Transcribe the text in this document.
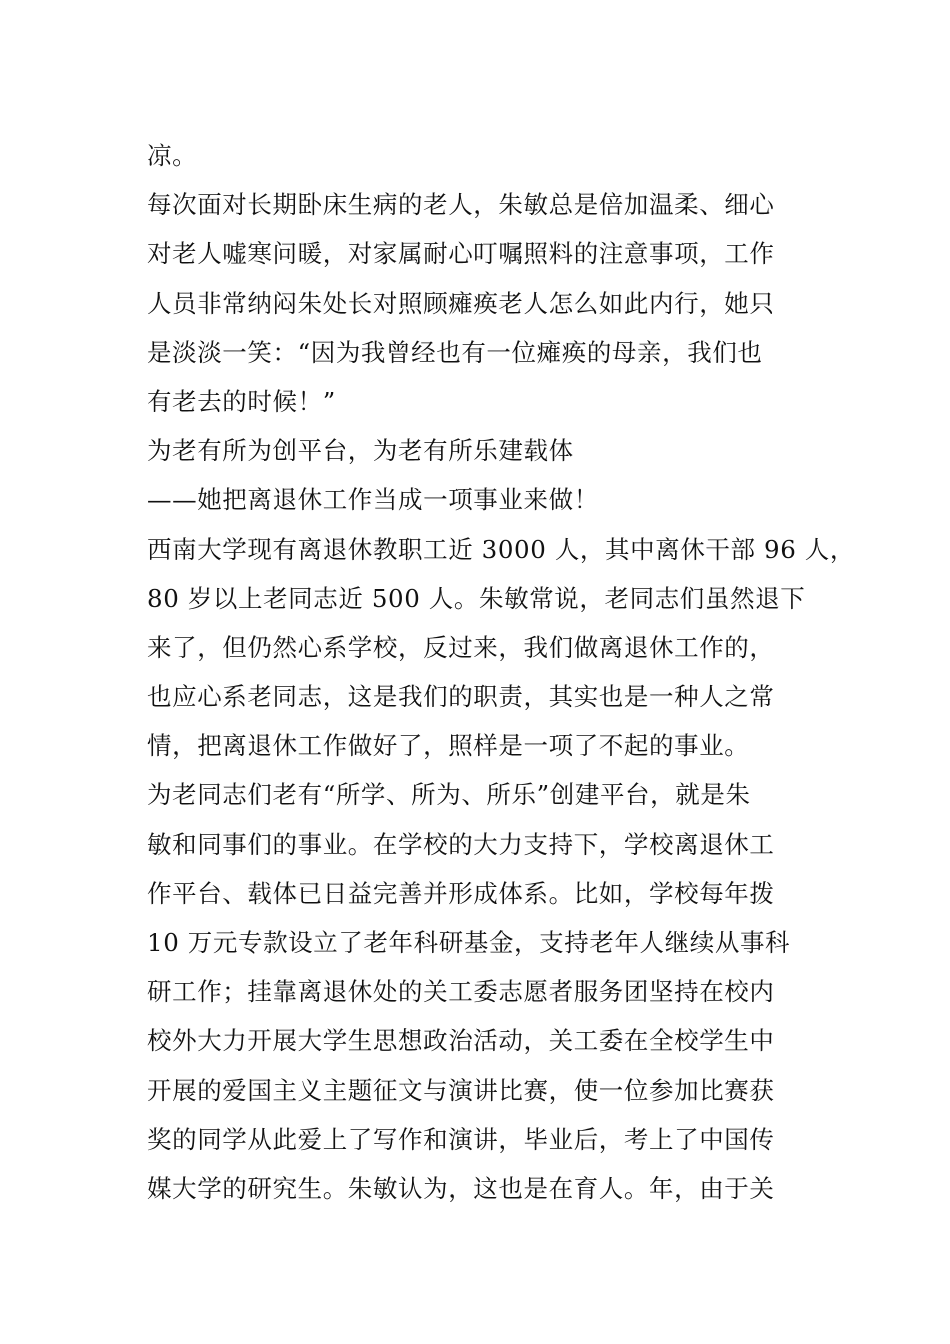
凉。
每次面对长期卧床生病的老人，朱敏总是倍加温柔、细心
对老人嘘寒问暖，对家属耐心叮嘱照料的注意事项，工作
人员非常纳闷朱处长对照顾瘫痪老人怎么如此内行，她只
是淡淡一笑：“因为我曾经也有一位瘫痪的母亲，我们也
有老去的时候！”
为老有所为创平台，为老有所乐建载体
——她把离退休工作当成一项事业来做！
西南大学现有离退休教职工近 3000 人，其中离休干部 96 人，
80 岁以上老同志近 500 人。朱敏常说，老同志们虽然退下
来了，但仍然心系学校，反过来，我们做离退休工作的，
也应心系老同志，这是我们的职责，其实也是一种人之常
情，把离退休工作做好了，照样是一项了不起的事业。
为老同志们老有“所学、所为、所乐”创建平台，就是朱
敏和同事们的事业。在学校的大力支持下，学校离退休工
作平台、载体已日益完善并形成体系。比如，学校每年拨
10 万元专款设立了老年科研基金，支持老年人继续从事科
研工作；挂靠离退休处的关工委志愿者服务团坚持在校内
校外大力开展大学生思想政治活动，关工委在全校学生中
开展的爱国主义主题征文与演讲比赛，使一位参加比赛获
奖的同学从此爱上了写作和演讲，毕业后，考上了中国传
媒大学的研究生。朱敏认为，这也是在育人。年，由于关
